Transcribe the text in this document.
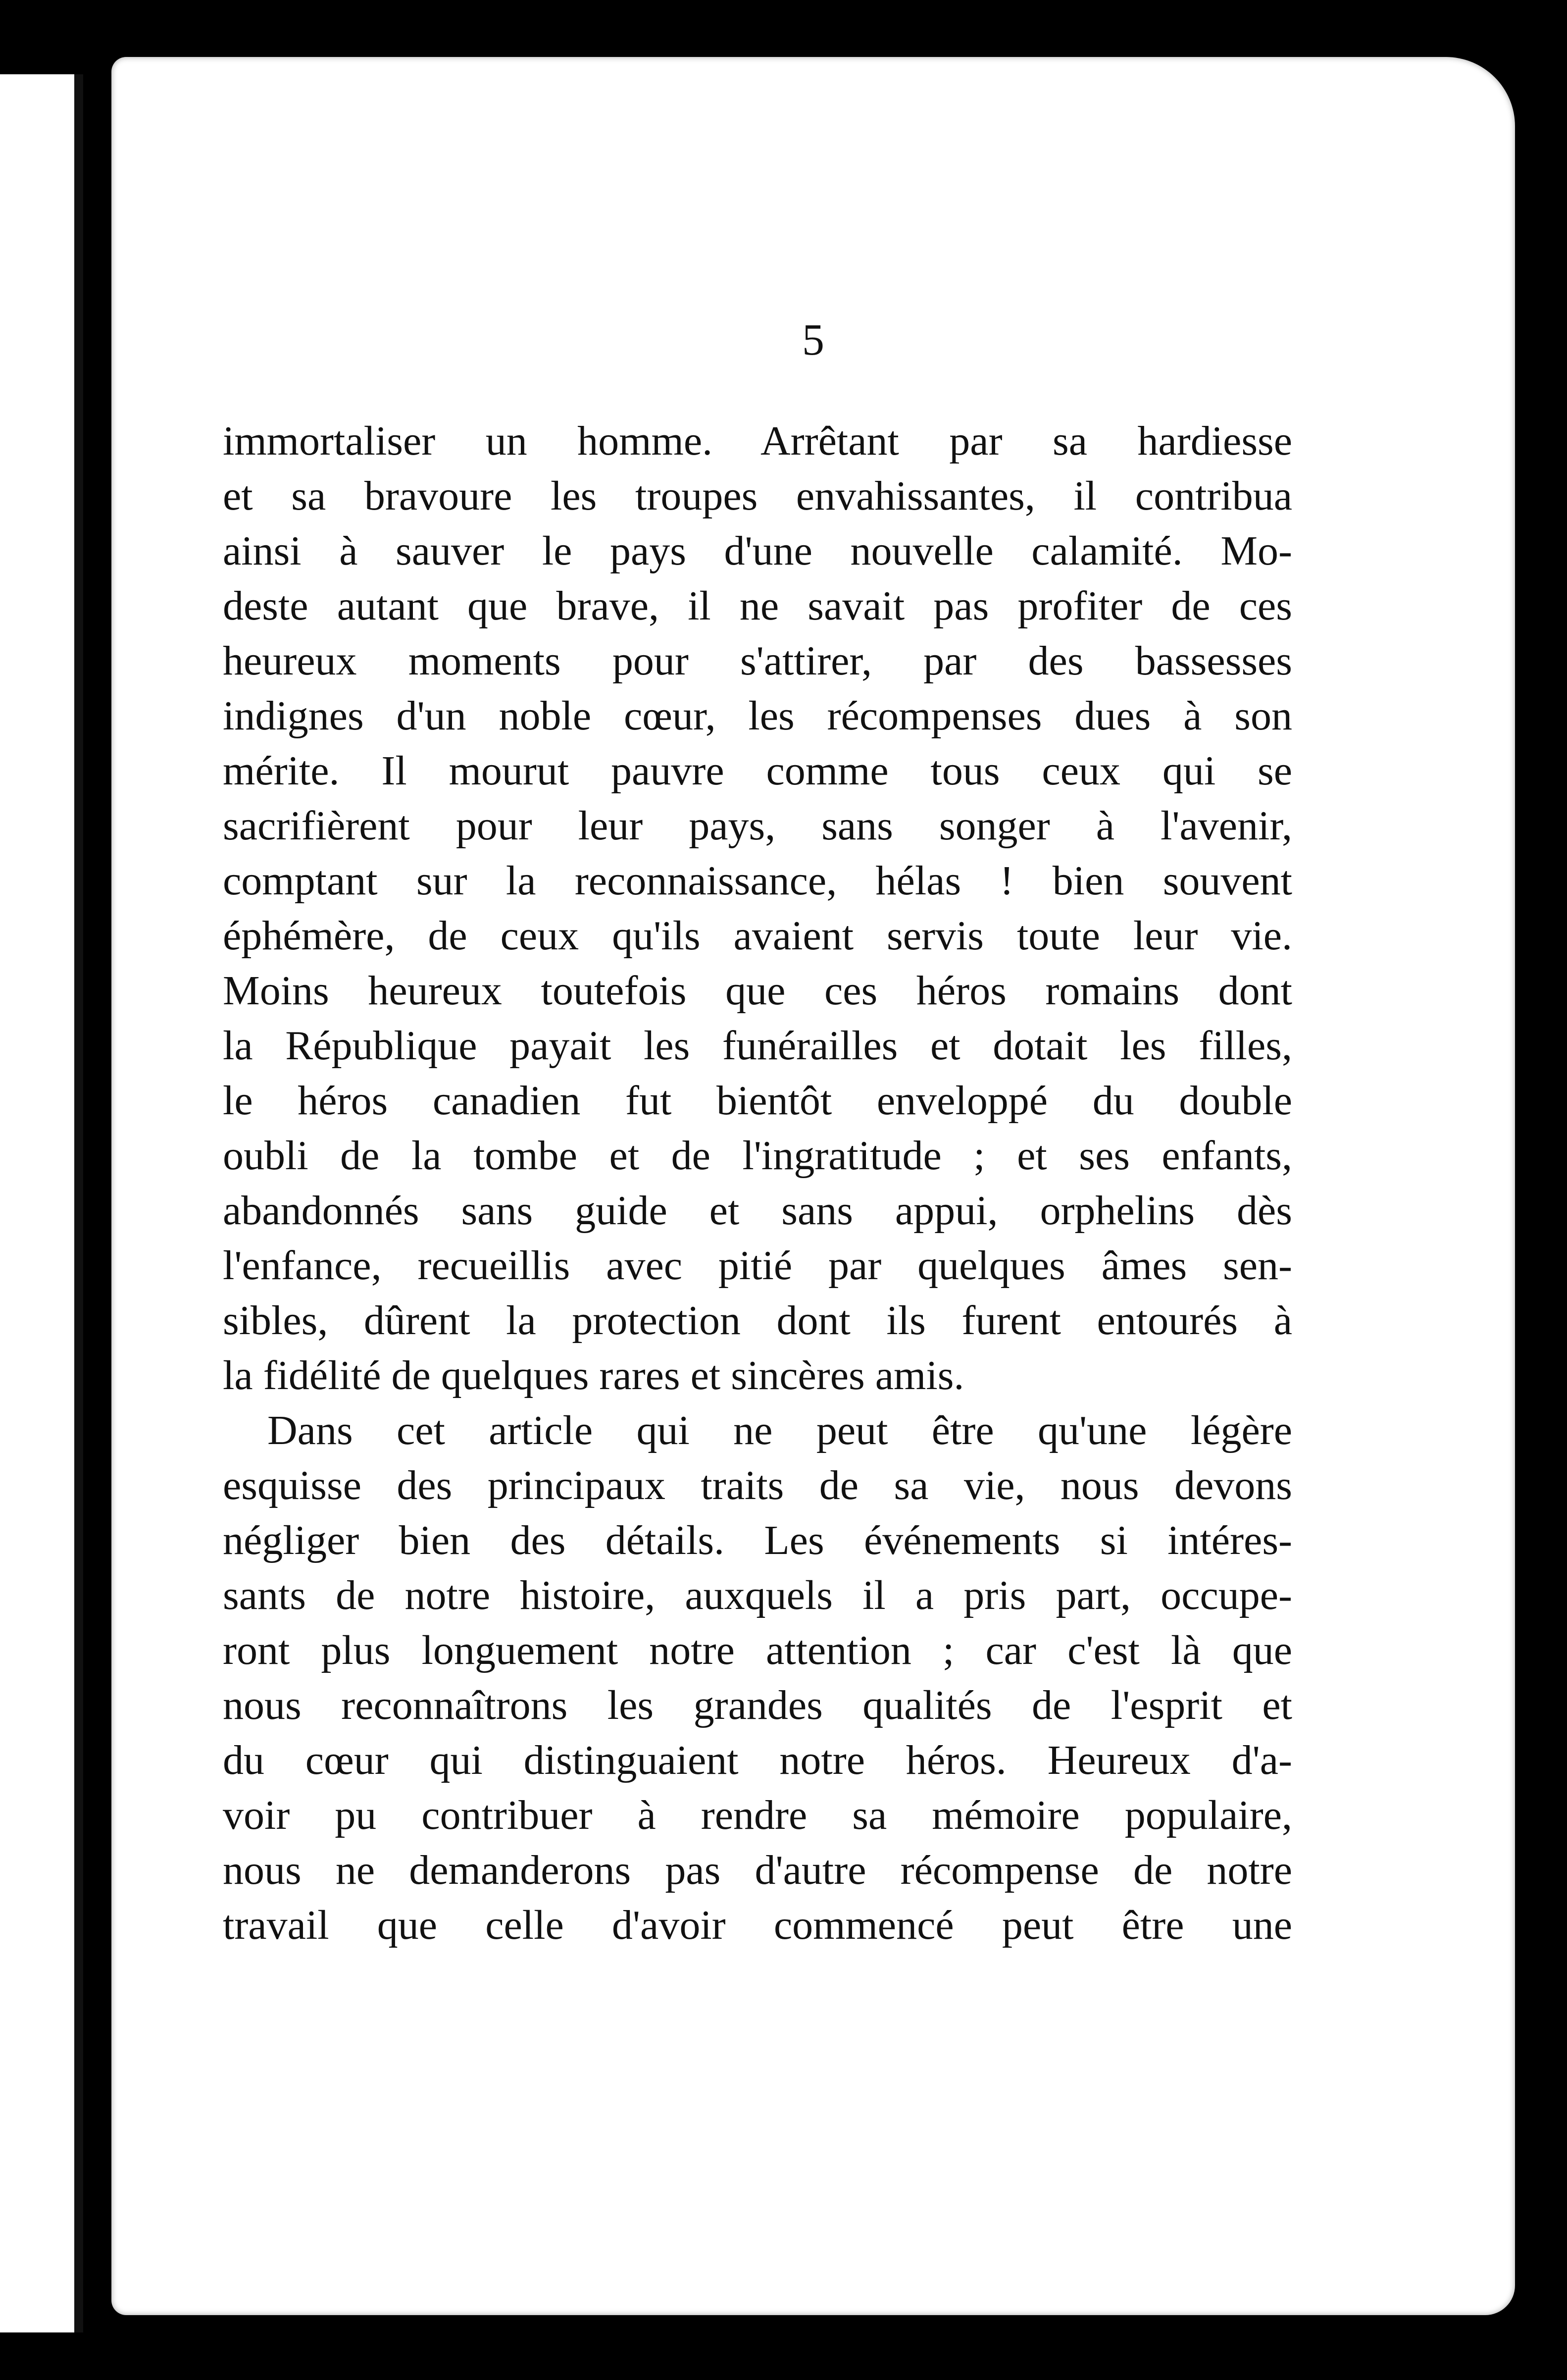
5
immortaliser un homme. Arrêtant par sa hardiesse
et sa bravoure les troupes envahissantes, il contribua
ainsi à sauver le pays d'une nouvelle calamité. Mo-
deste autant que brave, il ne savait pas profiter de ces
heureux moments pour s'attirer, par des bassesses
indignes d'un noble cœur, les récompenses dues à son
mérite. Il mourut pauvre comme tous ceux qui se
sacrifièrent pour leur pays, sans songer à l'avenir,
comptant sur la reconnaissance, hélas ! bien souvent
éphémère, de ceux qu'ils avaient servis toute leur vie.
Moins heureux toutefois que ces héros romains dont
la République payait les funérailles et dotait les filles,
le héros canadien fut bientôt enveloppé du double
oubli de la tombe et de l'ingratitude ; et ses enfants,
abandonnés sans guide et sans appui, orphelins dès
l'enfance, recueillis avec pitié par quelques âmes sen-
sibles, dûrent la protection dont ils furent entourés à
la fidélité de quelques rares et sincères amis.
Dans cet article qui ne peut être qu'une légère
esquisse des principaux traits de sa vie, nous devons
négliger bien des détails. Les événements si intéres-
sants de notre histoire, auxquels il a pris part, occupe-
ront plus longuement notre attention ; car c'est là que
nous reconnaîtrons les grandes qualités de l'esprit et
du cœur qui distinguaient notre héros. Heureux d'a-
voir pu contribuer à rendre sa mémoire populaire,
nous ne demanderons pas d'autre récompense de notre
travail que celle d'avoir commencé peut être une
